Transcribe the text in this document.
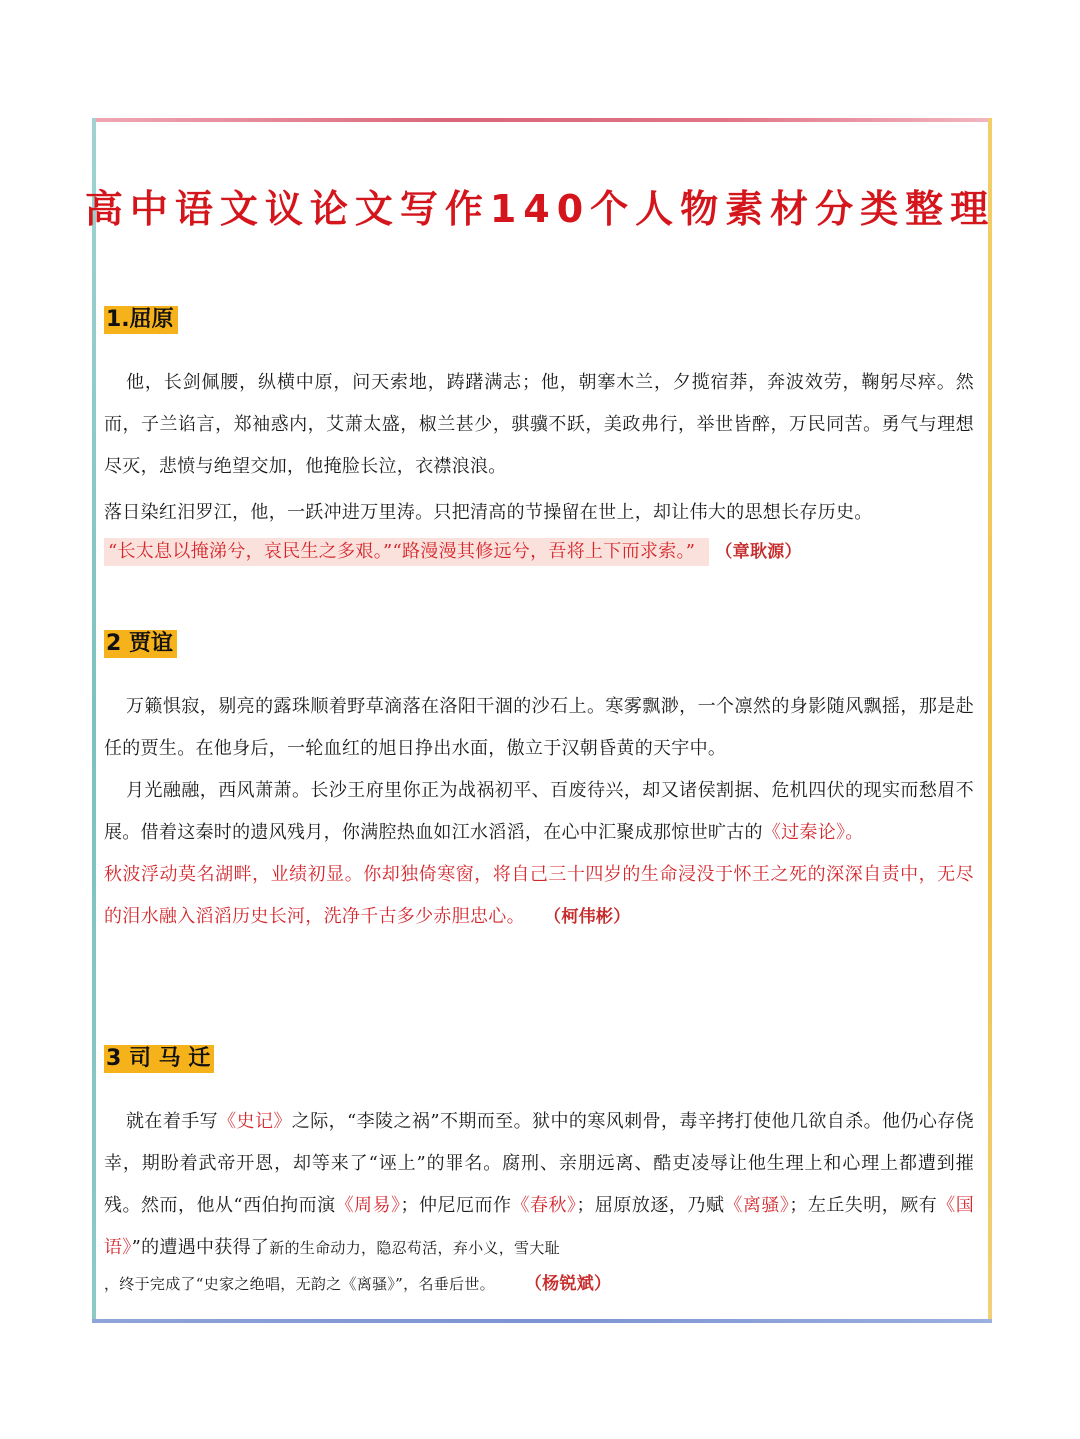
高中语文议论文写作140个人物素材分类整理
1.屈原

他，长剑佩腰，纵横中原，问天索地，踌躇满志；他，朝搴木兰，夕揽宿莽，奔波效劳，鞠躬尽瘁。然而，子兰谄言，郑袖惑内，艾萧太盛，椒兰甚少，骐骥不跃，美政弗行，举世皆醉，万民同苦。勇气与理想尽灭，悲愤与绝望交加，他掩脸长泣，衣襟浪浪。

落日染红汨罗江，他，一跃冲进万里涛。只把清高的节操留在世上，却让伟大的思想长存历史。

“长太息以掩涕兮，哀民生之多艰。”“路漫漫其修远兮，吾将上下而求索。” （章耿源）

2 贾谊

万籁惧寂，剔亮的露珠顺着野草滴落在洛阳干涸的沙石上。寒雾飘渺，一个凛然的身影随风飘摇，那是赴任的贾生。在他身后，一轮血红的旭日挣出水面，傲立于汉朝昏黄的天宇中。

月光融融，西风萧萧。长沙王府里你正为战祸初平、百废待兴，却又诸侯割据、危机四伏的现实而愁眉不展。借着这秦时的遗风残月，你满腔热血如江水滔滔，在心中汇聚成那惊世旷古的《过秦论》。

秋波浮动莫名湖畔，业绩初显。你却独倚寒窗，将自己三十四岁的生命浸没于怀王之死的深深自责中，无尽的泪水融入滔滔历史长河，洗净千古多少赤胆忠心。　　 （柯伟彬）

3 司 马 迁

就在着手写《史记》之际，“李陵之祸”不期而至。狱中的寒风刺骨，毒辛拷打使他几欲自杀。他仍心存侥幸，期盼着武帝开恩，却等来了“诬上”的罪名。腐刑、亲朋远离、酷吏凌辱让他生理上和心理上都遭到摧残。然而，他从“西伯拘而演《周易》；仲尼厄而作《春秋》；屈原放逐，乃赋《离骚》；左丘失明，厥有《国语》”的遭遇中获得了新的生命动力，隐忍苟活，弃小义，雪大耻

，终于完成了“史家之绝唱，无韵之《离骚》”，名垂后世。　　　	（杨锐斌）
